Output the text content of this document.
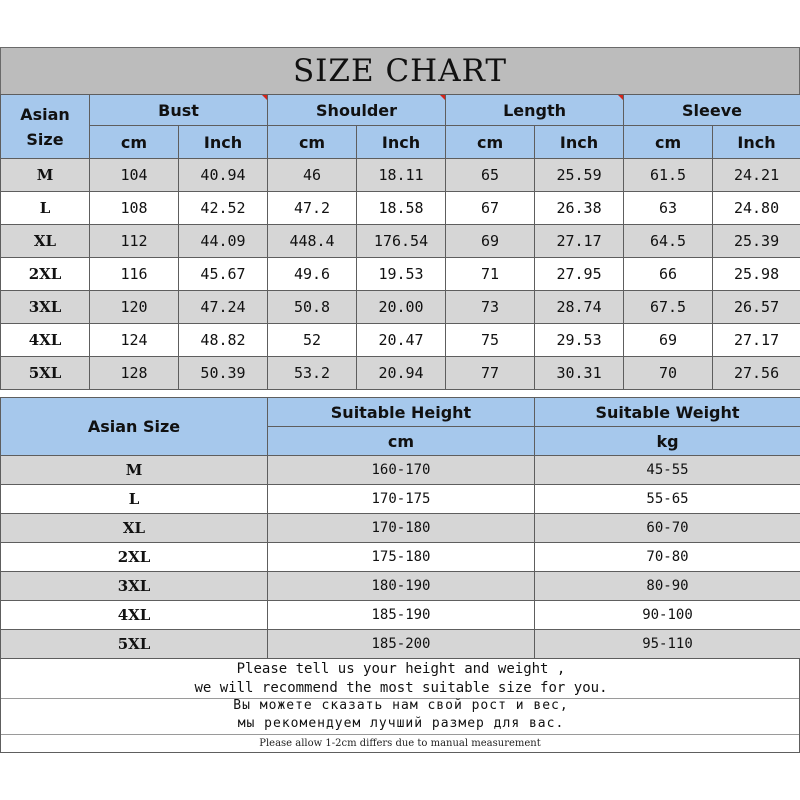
SIZE CHART
Asian
Size	Bust		Shoulder		Length		Sleeve	
	cm	Inch	cm	Inch	cm	Inch	cm	Inch
M	104	40.94	46	18.11	65	25.59	61.5	24.21
L	108	42.52	47.2	18.58	67	26.38	63	24.80
XL	112	44.09	448.4	176.54	69	27.17	64.5	25.39
2XL	116	45.67	49.6	19.53	71	27.95	66	25.98
3XL	120	47.24	50.8	20.00	73	28.74	67.5	26.57
4XL	124	48.82	52	20.47	75	29.53	69	27.17
5XL	128	50.39	53.2	20.94	77	30.31	70	27.56
Asian Size	Suitable Height	Suitable Weight
	cm	kg
M	160-170	45-55
L	170-175	55-65
XL	170-180	60-70
2XL	175-180	70-80
3XL	180-190	80-90
4XL	185-190	90-100
5XL	185-200	95-110
Please tell us your height and weight ,
we will recommend the most suitable size for you.
Вы можете сказать нам свой рост и вес,
мы рекомендуем лучший размер для вас.
Please allow 1-2cm differs due to manual measurement
